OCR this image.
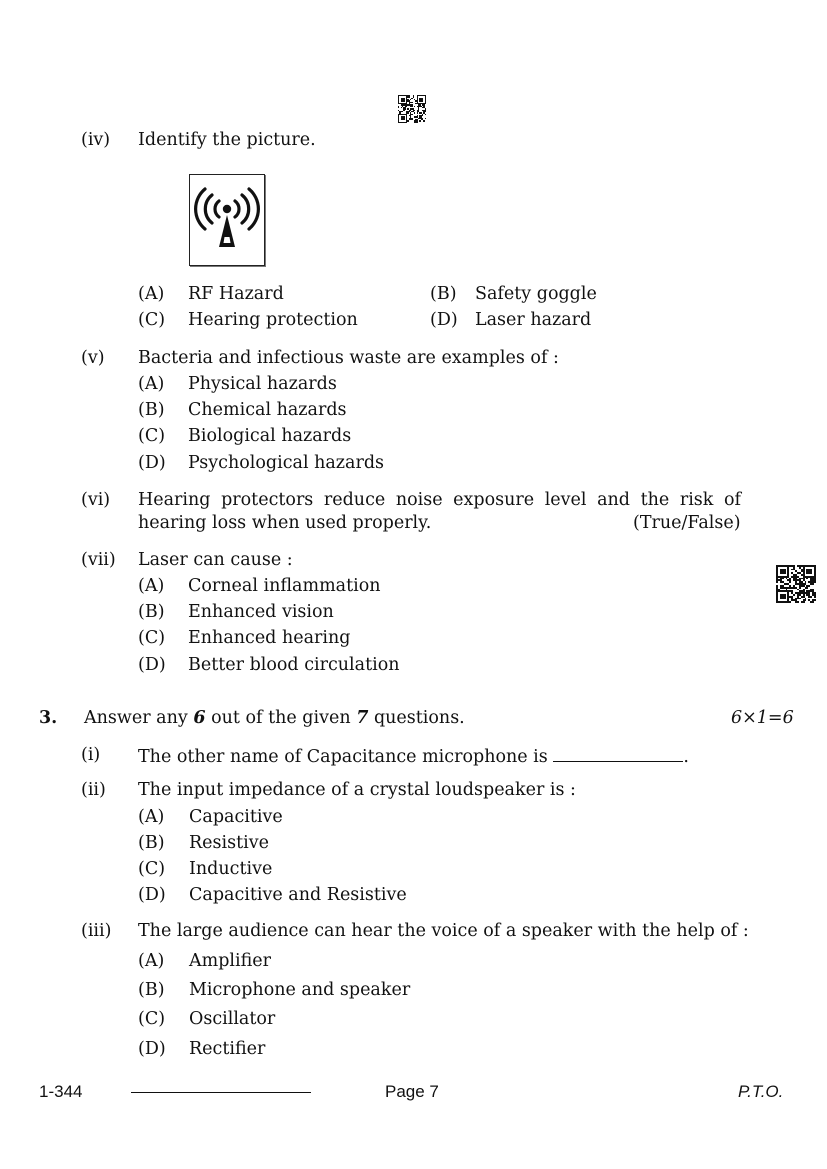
(iv) Identify the picture.
(A) RF Hazard	(B) Safety goggle
(C) Hearing protection	(D) Laser hazard
(v) Bacteria and infectious waste are examples of :
(A) Physical hazards
(B) Chemical hazards
(C) Biological hazards
(D) Psychological hazards
(vi) Hearing protectors reduce noise exposure level and the risk of
hearing loss when used properly.	(True/False)
(vii) Laser can cause :
(A) Corneal inflammation
(B) Enhanced vision
(C) Enhanced hearing
(D) Better blood circulation
3. Answer any 6 out of the given 7 questions.	6×1=6
(i) The other name of Capacitance microphone is	.
(ii) The input impedance of a crystal loudspeaker is :
(A) Capacitive
(B) Resistive
(C) Inductive
(D) Capacitive and Resistive
(iii) The large audience can hear the voice of a speaker with the help of :
(A) Amplifier
(B) Microphone and speaker
(C) Oscillator
(D) Rectifier
1-344	Page 7	P.T.O.
